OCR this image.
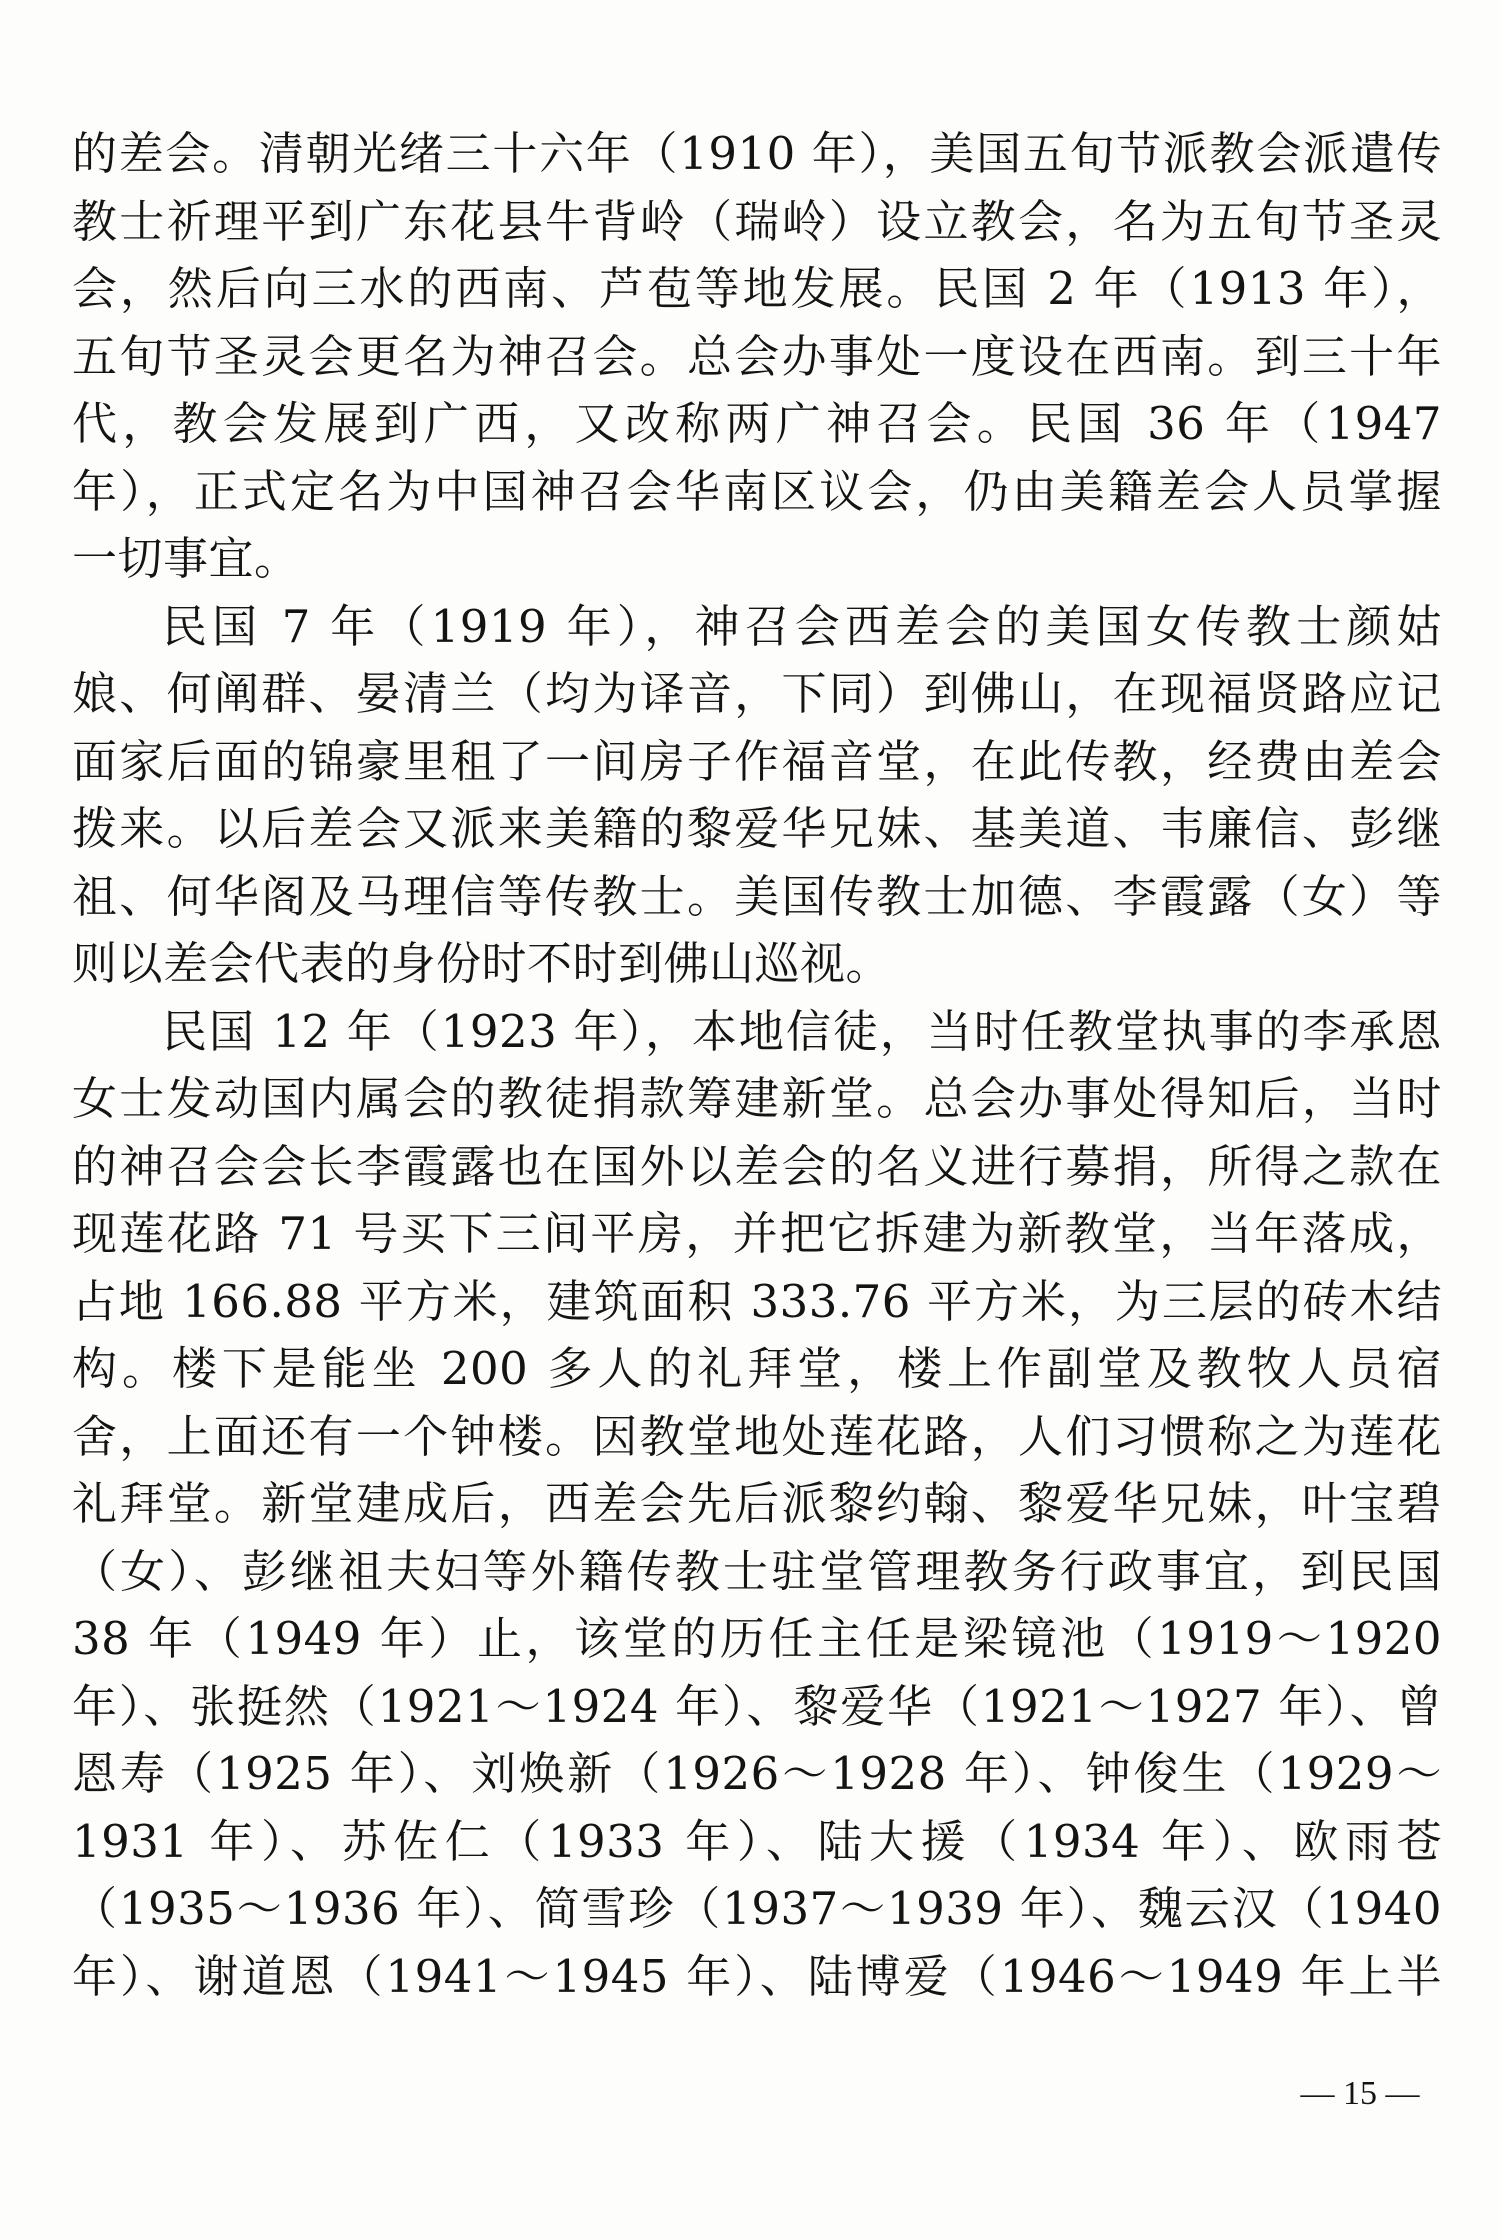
的差会。清朝光绪三十六年（1910 年），美国五旬节派教会派遣传
教士祈理平到广东花县牛背岭（瑞岭）设立教会，名为五旬节圣灵
会，然后向三水的西南、芦苞等地发展。民国 2 年（1913 年），
五旬节圣灵会更名为神召会。总会办事处一度设在西南。到三十年
代，教会发展到广西，又改称两广神召会。民国 36 年（1947
年），正式定名为中国神召会华南区议会，仍由美籍差会人员掌握
一切事宜。
民国 7 年（1919 年），神召会西差会的美国女传教士颜姑
娘、何阐群、晏清兰（均为译音，下同）到佛山，在现福贤路应记
面家后面的锦豪里租了一间房子作福音堂，在此传教，经费由差会
拨来。以后差会又派来美籍的黎爱华兄妹、基美道、韦廉信、彭继
祖、何华阁及马理信等传教士。美国传教士加德、李霞露（女）等
则以差会代表的身份时不时到佛山巡视。
民国 12 年（1923 年），本地信徒，当时任教堂执事的李承恩
女士发动国内属会的教徒捐款筹建新堂。总会办事处得知后，当时
的神召会会长李霞露也在国外以差会的名义进行募捐，所得之款在
现莲花路 71 号买下三间平房，并把它拆建为新教堂，当年落成，
占地 166.88 平方米，建筑面积 333.76 平方米，为三层的砖木结
构。楼下是能坐 200 多人的礼拜堂，楼上作副堂及教牧人员宿
舍，上面还有一个钟楼。因教堂地处莲花路，人们习惯称之为莲花
礼拜堂。新堂建成后，西差会先后派黎约翰、黎爱华兄妹，叶宝碧
（女）、彭继祖夫妇等外籍传教士驻堂管理教务行政事宜，到民国
38 年（1949 年）止，该堂的历任主任是梁镜池（1919～1920
年）、张挺然（1921～1924 年）、黎爱华（1921～1927 年）、曾
恩寿（1925 年）、刘焕新（1926～1928 年）、钟俊生（1929～
1931 年）、苏佐仁（1933 年）、陆大援（1934 年）、欧雨苍
（1935～1936 年）、简雪珍（1937～1939 年）、魏云汉（1940
年）、谢道恩（1941～1945 年）、陆博爱（1946～1949 年上半
— 15 —
